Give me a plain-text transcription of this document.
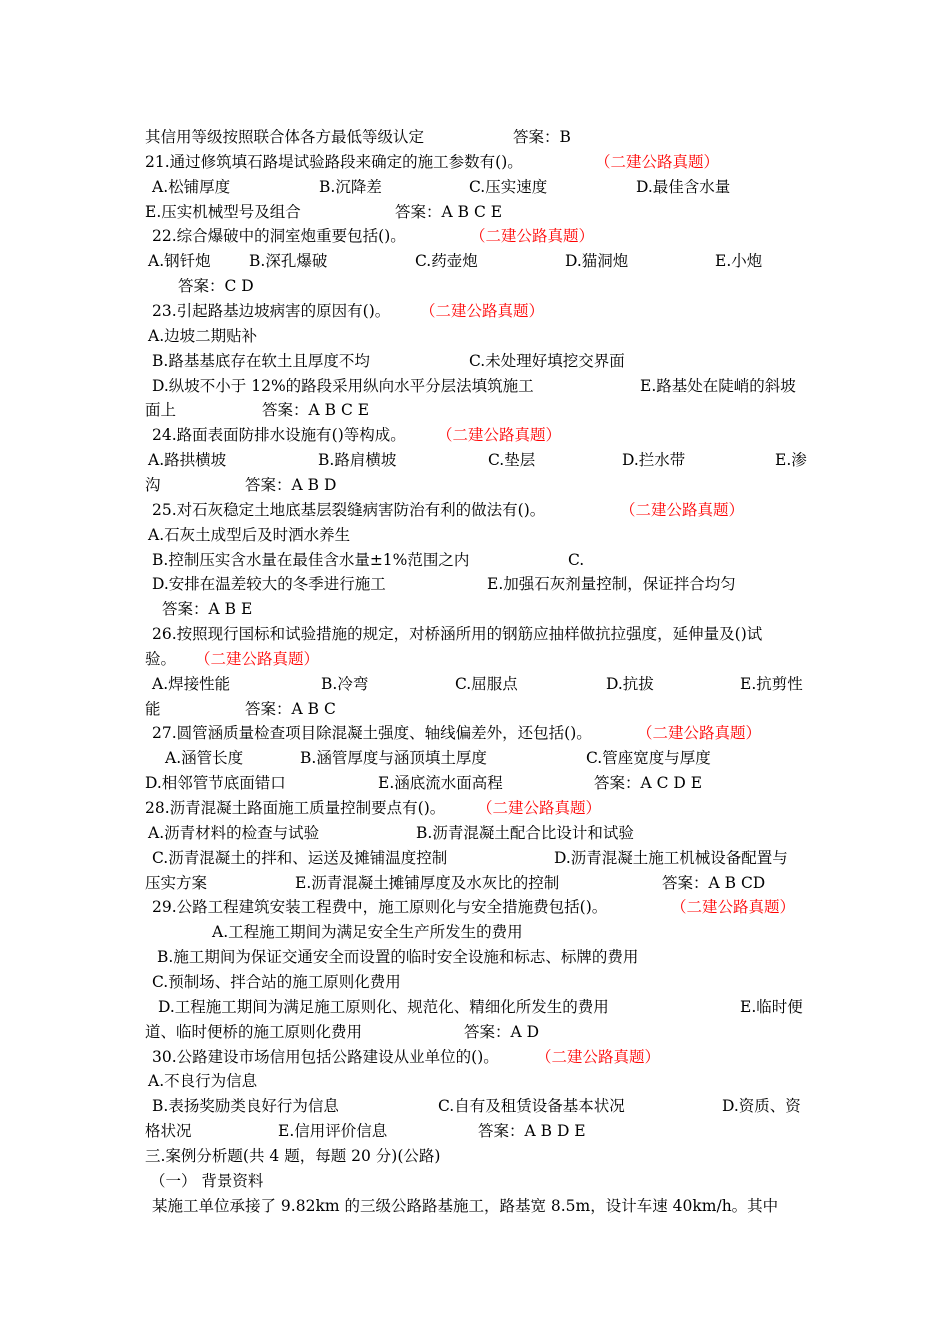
其信用等级按照联合体各方最低等级认定	答案：B
21.通过修筑填石路堤试验路段来确定的施工参数有()。	（二建公路真题）
A.松铺厚度	B.沉降差	C.压实速度	D.最佳含水量
E.压实机械型号及组合	答案：A B C E
22.综合爆破中的洞室炮重要包括()。	（二建公路真题）
A.钢钎炮 B.深孔爆破	C.药壶炮	D.猫洞炮	E.小炮
答案：C D
23.引起路基边坡病害的原因有()。 （二建公路真题）
A.边坡二期贴补
B.路基基底存在软土且厚度不均	C.未处理好填挖交界面
D.纵坡不小于 12%的路段采用纵向水平分层法填筑施工	E.路基处在陡峭的斜坡
面上	答案：A B C E
24.路面表面防排水设施有()等构成。 （二建公路真题）
A.路拱横坡	B.路肩横坡	C.垫层	D.拦水带	E.渗
沟	答案：A B D
25.对石灰稳定土地底基层裂缝病害防治有利的做法有()。	（二建公路真题）
A.石灰土成型后及时洒水养生
B.控制压实含水量在最佳含水量±1%范围之内	C.
D.安排在温差较大的冬季进行施工	E.加强石灰剂量控制，保证拌合均匀
答案：A B E
26.按照现行国标和试验措施的规定，对桥涵所用的钢筋应抽样做抗拉强度，延伸量及()试
验。 （二建公路真题）
A.焊接性能	B.冷弯	C.屈服点	D.抗拔	E.抗剪性
能	答案：A B C
27.圆管涵质量检查项目除混凝土强度、轴线偏差外，还包括()。	（二建公路真题）
A.涵管长度	B.涵管厚度与涵顶填土厚度	C.管座宽度与厚度
D.相邻管节底面错口	E.涵底流水面高程	答案：A C D E
28.沥青混凝土路面施工质量控制要点有()。 （二建公路真题）
A.沥青材料的检查与试验	B.沥青混凝土配合比设计和试验
C.沥青混凝土的拌和、运送及摊铺温度控制	D.沥青混凝土施工机械设备配置与
压实方案	E.沥青混凝土摊铺厚度及水灰比的控制	答案：A B CD
29.公路工程建筑安装工程费中，施工原则化与安全措施费包括()。	（二建公路真题）
A.工程施工期间为满足安全生产所发生的费用
B.施工期间为保证交通安全而设置的临时安全设施和标志、标牌的费用
C.预制场、拌合站的施工原则化费用
D.工程施工期间为满足施工原则化、规范化、精细化所发生的费用	E.临时便
道、临时便桥的施工原则化费用	答案：A D
30.公路建设市场信用包括公路建设从业单位的()。 （二建公路真题）
A.不良行为信息
B.表扬奖励类良好行为信息	C.自有及租赁设备基本状况	D.资质、资
格状况	E.信用评价信息	答案：A B D E
三.案例分析题(共 4 题，每题 20 分)(公路)
（一） 背景资料
某施工单位承接了 9.82km 的三级公路路基施工，路基宽 8.5m，设计车速 40km/h。其中
